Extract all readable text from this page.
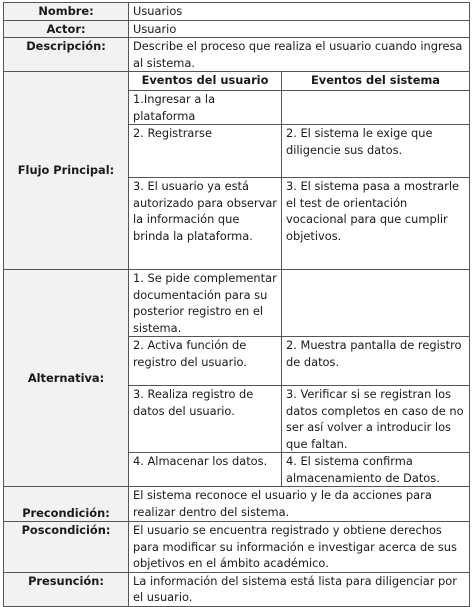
Nombre:	Usuarios	
Actor:	Usuario	
Descripción:	Describe el proceso que realiza el usuario cuando ingresa al sistema.	
Flujo Principal:	Eventos del usuario	Eventos del sistema
	1.Ingresar a la plataforma	
	2. Registrarse	2. El sistema le exige que diligencie sus datos.
	3. El usuario ya está autorizado para observar la información que brinda la plataforma.	3. El sistema pasa a mostrarle el test de orientación vocacional para que cumplir objetivos.
Alternativa:	1. Se pide complementar documentación para su posterior registro en el sistema.	
	2. Activa función de registro del usuario.	2. Muestra pantalla de registro de datos.
	3. Realiza registro de datos del usuario.	3. Verificar si se registran los datos completos en caso de no ser así volver a introducir los que faltan.
	4. Almacenar los datos.	4. El sistema confirma almacenamiento de Datos.
Precondición:	El sistema reconoce el usuario y le da acciones para realizar dentro del sistema.	
Poscondición:	El usuario se encuentra registrado y obtiene derechos para modificar su información e investigar acerca de sus objetivos en el ámbito académico.	
Presunción:	La información del sistema está lista para diligenciar por el usuario.	
